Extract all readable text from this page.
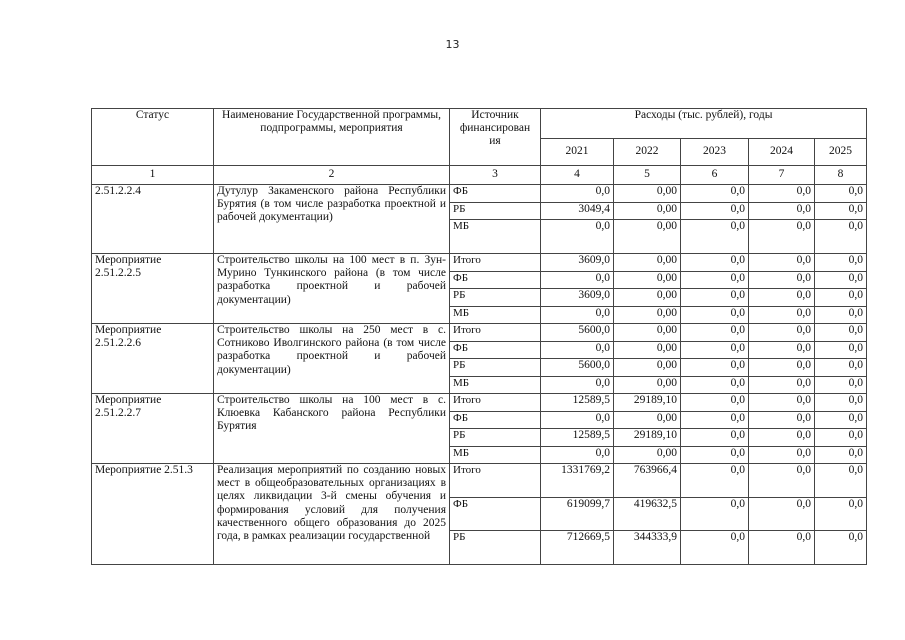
13
Статус	Наименование Государственной программы, подпрограммы, мероприятия	Источник финансирован ия	Расходы (тыс. рублей), годы				
			2021	2022	2023	2024	2025
1	2	3	4	5	6	7	8
2.51.2.2.4	Дутулур Закаменского района Республики Бурятия (в том числе разработка проектной и рабочей документации)	ФБ	0,0	0,00	0,0	0,0	0,0
		РБ	3049,4	0,00	0,0	0,0	0,0
		МБ	0,0	0,00	0,0	0,0	0,0
Мероприятие 2.51.2.2.5	Строительство школы на 100 мест в п. Зун-Мурино Тункинского района (в том числе разработка проектной и рабочей документации)	Итого	3609,0	0,00	0,0	0,0	0,0
		ФБ	0,0	0,00	0,0	0,0	0,0
		РБ	3609,0	0,00	0,0	0,0	0,0
		МБ	0,0	0,00	0,0	0,0	0,0
Мероприятие 2.51.2.2.6	Строительство школы на 250 мест в с. Сотниково Иволгинского района (в том числе разработка проектной и рабочей документации)	Итого	5600,0	0,00	0,0	0,0	0,0
		ФБ	0,0	0,00	0,0	0,0	0,0
		РБ	5600,0	0,00	0,0	0,0	0,0
		МБ	0,0	0,00	0,0	0,0	0,0
Мероприятие 2.51.2.2.7	Строительство школы на 100 мест в с. Клюевка Кабанского района Республики Бурятия	Итого	12589,5	29189,10	0,0	0,0	0,0
		ФБ	0,0	0,00	0,0	0,0	0,0
		РБ	12589,5	29189,10	0,0	0,0	0,0
		МБ	0,0	0,00	0,0	0,0	0,0
Мероприятие 2.51.3	Реализация мероприятий по созданию новых мест в общеобразовательных организациях в целях ликвидации 3-й смены обучения и формирования условий для получения качественного общего образования до 2025 года, в рамках реализации государственной	Итого	1331769,2	763966,4	0,0	0,0	0,0
		ФБ	619099,7	419632,5	0,0	0,0	0,0
		РБ	712669,5	344333,9	0,0	0,0	0,0
